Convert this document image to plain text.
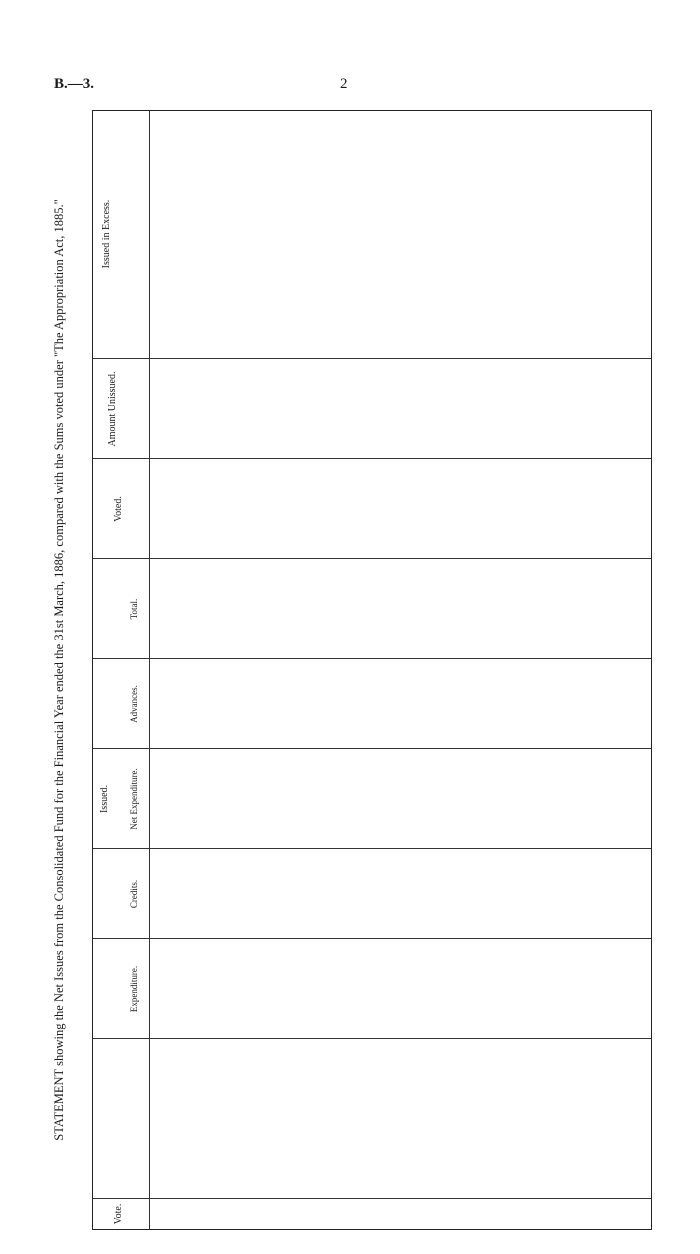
B.—3.	2
STATEMENT showing the Net Issues from the Consolidated Fund for the Financial Year ended the 31st March, 1886, compared with the Sums voted under "The Appropriation Act, 1885."
Vote.
Issued.
Expenditure.
Credits.
Net Expenditure.
Advances.
Total.
Voted.
Amount Unissued.
Issued in Excess.
